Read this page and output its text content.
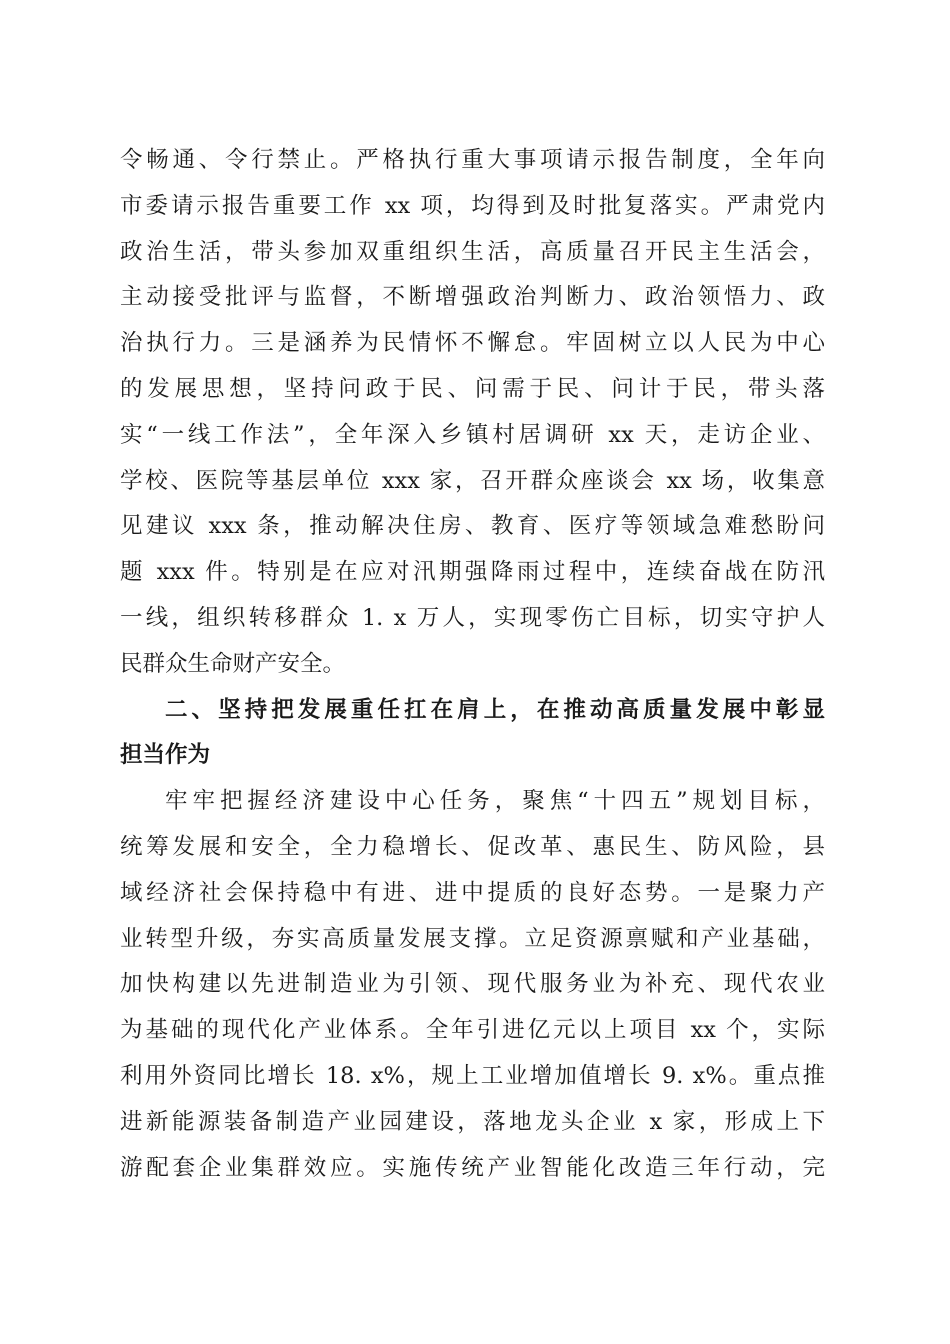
令畅通、令行禁止。严格执行重大事项请示报告制度，全年向
市委请示报告重要工作 xx 项，均得到及时批复落实。严肃党内
政治生活，带头参加双重组织生活，高质量召开民主生活会，
主动接受批评与监督，不断增强政治判断力、政治领悟力、政
治执行力。三是涵养为民情怀不懈怠。牢固树立以人民为中心
的发展思想，坚持问政于民、问需于民、问计于民，带头落
实“一线工作法”，全年深入乡镇村居调研 xx 天，走访企业、
学校、医院等基层单位 xxx 家，召开群众座谈会 xx 场，收集意
见建议 xxx 条，推动解决住房、教育、医疗等领域急难愁盼问
题 xxx 件。特别是在应对汛期强降雨过程中，连续奋战在防汛
一线，组织转移群众 1. x 万人，实现零伤亡目标，切实守护人
民群众生命财产安全。
二、坚持把发展重任扛在肩上，在推动高质量发展中彰显
担当作为
牢牢把握经济建设中心任务，聚焦“十四五”规划目标，
统筹发展和安全，全力稳增长、促改革、惠民生、防风险，县
域经济社会保持稳中有进、进中提质的良好态势。一是聚力产
业转型升级，夯实高质量发展支撑。立足资源禀赋和产业基础，
加快构建以先进制造业为引领、现代服务业为补充、现代农业
为基础的现代化产业体系。全年引进亿元以上项目 xx 个，实际
利用外资同比增长 18. x%，规上工业增加值增长 9. x%。重点推
进新能源装备制造产业园建设，落地龙头企业 x 家，形成上下
游配套企业集群效应。实施传统产业智能化改造三年行动，完
